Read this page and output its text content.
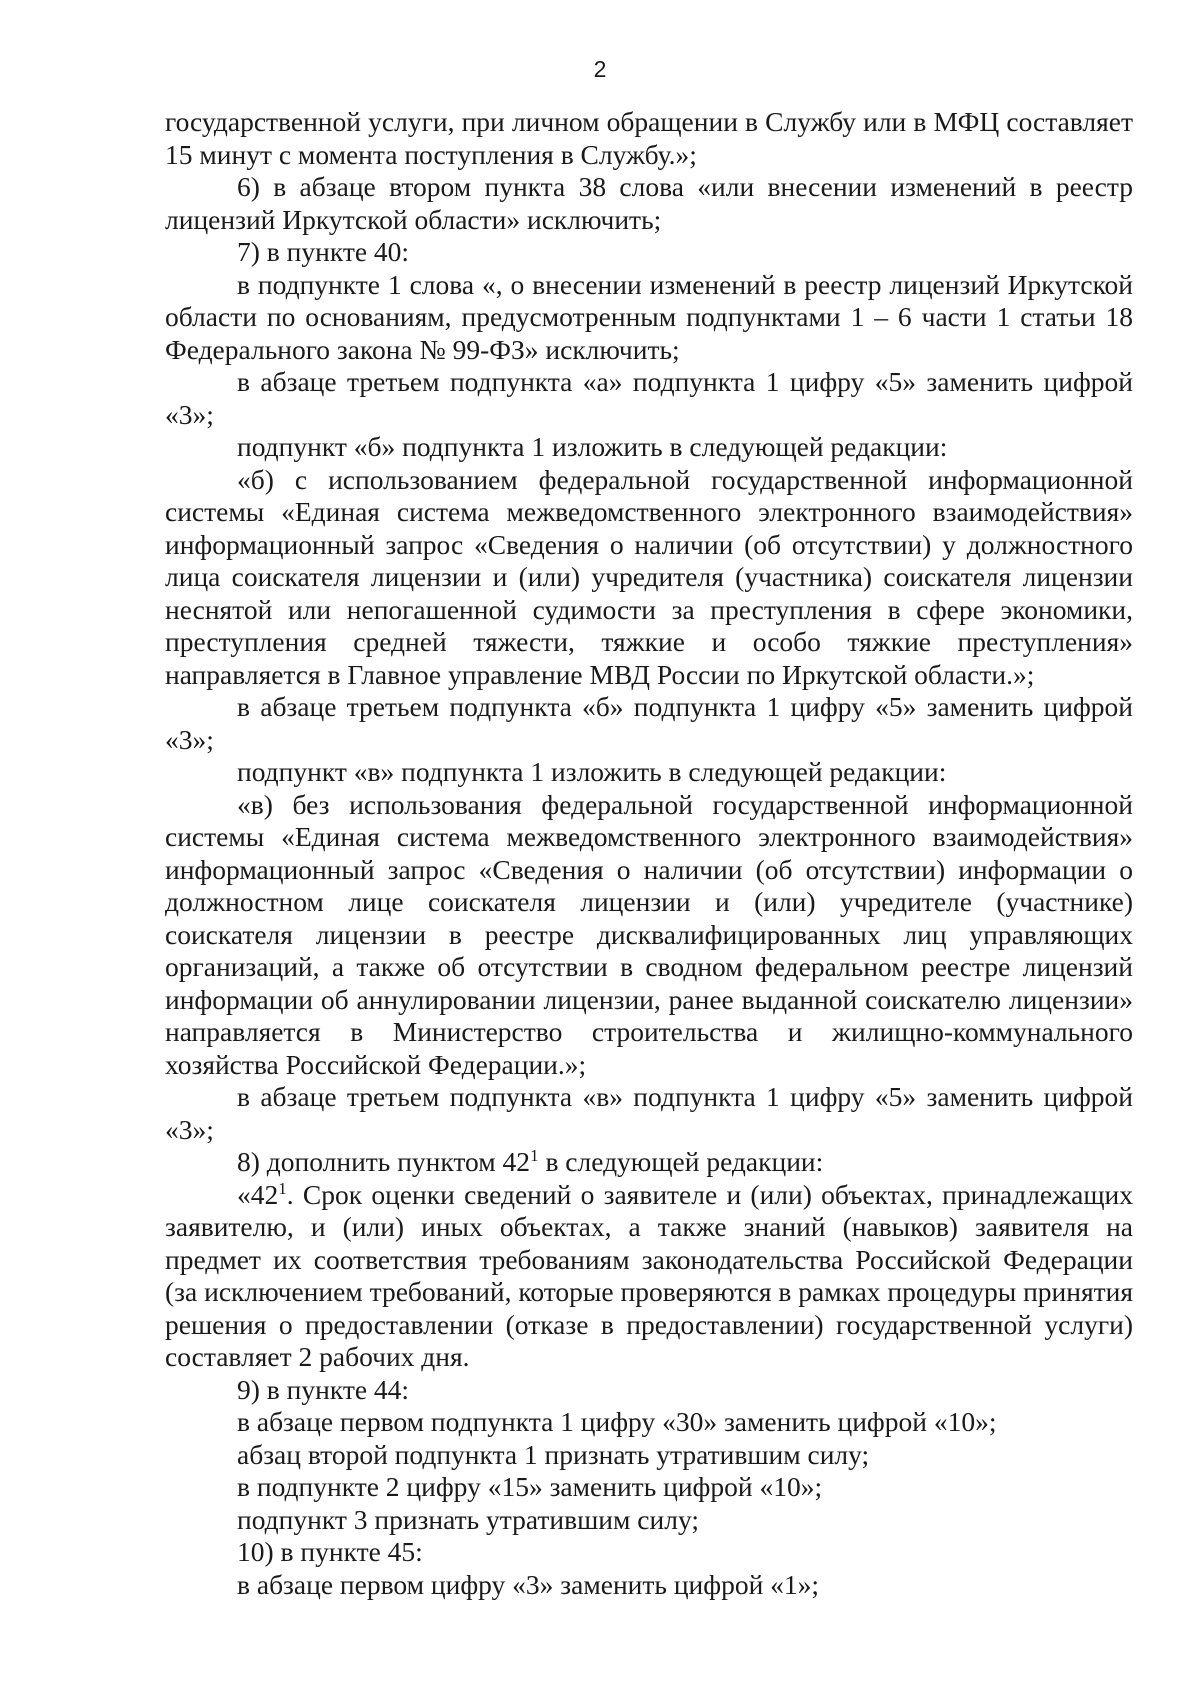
2

государственной услуги, при личном обращении в Службу или в МФЦ составляет 15 минут с момента поступления в Службу.»;

6) в абзаце втором пункта 38 слова «или внесении изменений в реестр лицензий Иркутской области» исключить;

7) в пункте 40:

в подпункте 1 слова «, о внесении изменений в реестр лицензий Иркутской области по основаниям, предусмотренным подпунктами 1 – 6 части 1 статьи 18 Федерального закона № 99-ФЗ» исключить;

в абзаце третьем подпункта «а» подпункта 1 цифру «5» заменить цифрой «3»;

подпункт «б» подпункта 1 изложить в следующей редакции:

«б) с использованием федеральной государственной информационной системы «Единая система межведомственного электронного взаимодействия» информационный запрос «Сведения о наличии (об отсутствии) у должностного лица соискателя лицензии и (или) учредителя (участника) соискателя лицензии неснятой или непогашенной судимости за преступления в сфере экономики, преступления средней тяжести, тяжкие и особо тяжкие преступления» направляется в Главное управление МВД России по Иркутской области.»;

в абзаце третьем подпункта «б» подпункта 1 цифру «5» заменить цифрой «3»;

подпункт «в» подпункта 1 изложить в следующей редакции:

«в) без использования федеральной государственной информационной системы «Единая система межведомственного электронного взаимодействия» информационный запрос «Сведения о наличии (об отсутствии) информации о должностном лице соискателя лицензии и (или) учредителе (участнике) соискателя лицензии в реестре дисквалифицированных лиц управляющих организаций, а также об отсутствии в сводном федеральном реестре лицензий информации об аннулировании лицензии, ранее выданной соискателю лицензии» направляется в Министерство строительства и жилищно-коммунального хозяйства Российской Федерации.»;

в абзаце третьем подпункта «в» подпункта 1 цифру «5» заменить цифрой «3»;

8) дополнить пунктом $42^1$ в следующей редакции:

«$42^1$. Срок оценки сведений о заявителе и (или) объектах, принадлежащих заявителю, и (или) иных объектах, а также знаний (навыков) заявителя на предмет их соответствия требованиям законодательства Российской Федерации (за исключением требований, которые проверяются в рамках процедуры принятия решения о предоставлении (отказе в предоставлении) государственной услуги) составляет 2 рабочих дня.

9) в пункте 44:

в абзаце первом подпункта 1 цифру «30» заменить цифрой «10»;

абзац второй подпункта 1 признать утратившим силу;

в подпункте 2 цифру «15» заменить цифрой «10»;

подпункт 3 признать утратившим силу;

10) в пункте 45:

в абзаце первом цифру «3» заменить цифрой «1»;
